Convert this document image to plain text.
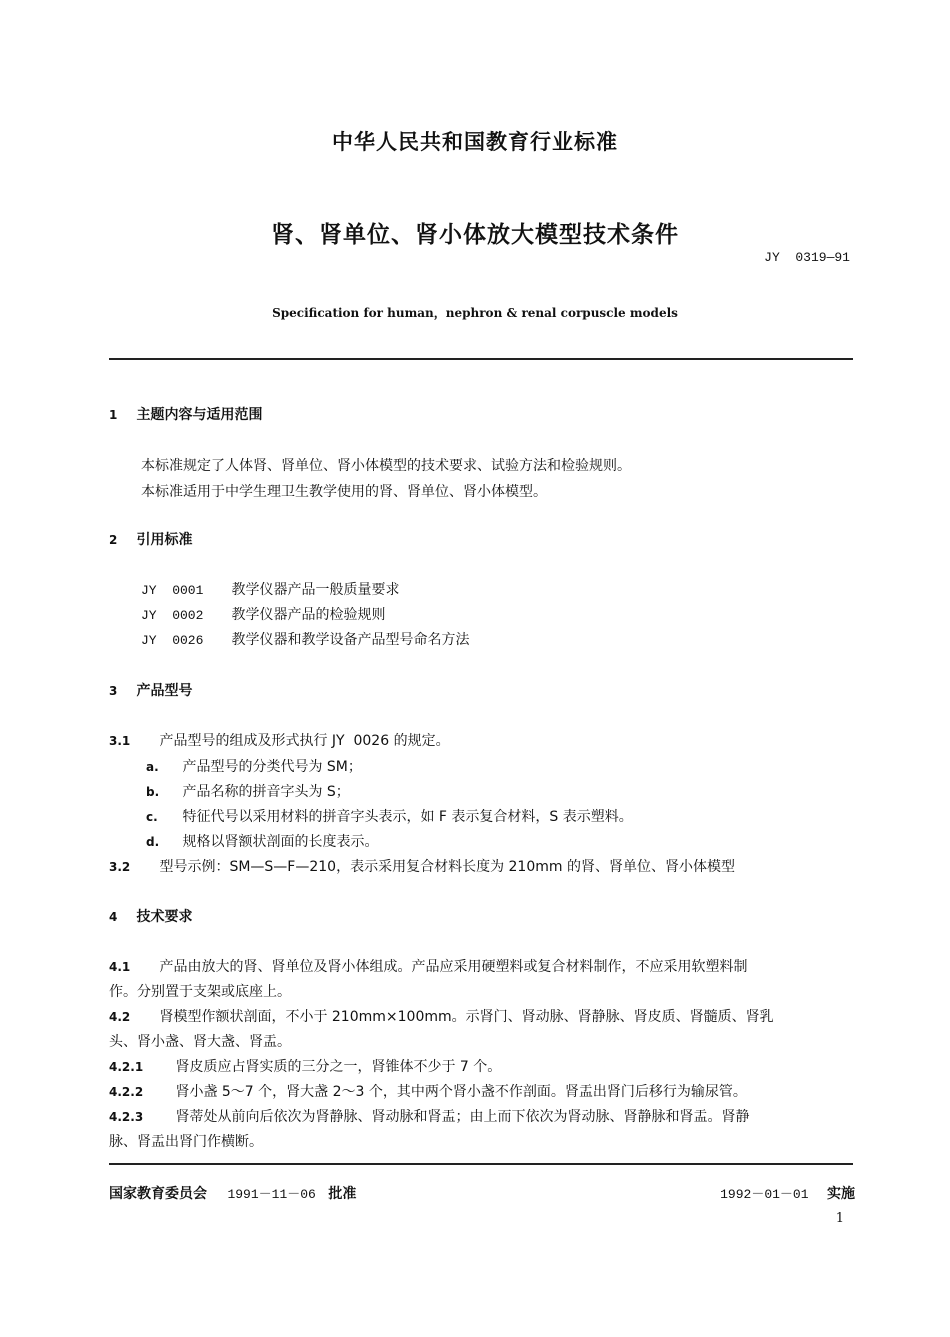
中华人民共和国教育行业标准
肾、肾单位、肾小体放大模型技术条件
JY  0319—91
Specification for human，nephron & renal corpuscle models
1 主题内容与适用范围
本标准规定了人体肾、肾单位、肾小体模型的技术要求、试验方法和检验规则。
本标准适用于中学生理卫生教学使用的肾、肾单位、肾小体模型。
2 引用标准
JY  0001 教学仪器产品一般质量要求
JY  0002 教学仪器产品的检验规则
JY  0026 教学仪器和教学设备产品型号命名方法
3 产品型号
3.1 产品型号的组成及形式执行 JY  0026 的规定。
a. 产品型号的分类代号为 SM；
b. 产品名称的拼音字头为 S；
c. 特征代号以采用材料的拼音字头表示，如 F 表示复合材料，S 表示塑料。
d. 规格以肾额状剖面的长度表示。
3.2 型号示例：SM—S—F—210，表示采用复合材料长度为 210mm 的肾、肾单位、肾小体模型
4 技术要求
4.1 产品由放大的肾、肾单位及肾小体组成。产品应采用硬塑料或复合材料制作，不应采用软塑料制
作。分别置于支架或底座上。
4.2 肾模型作额状剖面，不小于 210mm×100mm。示肾门、肾动脉、肾静脉、肾皮质、肾髓质、肾乳
头、肾小盏、肾大盏、肾盂。
4.2.1 肾皮质应占肾实质的三分之一，肾锥体不少于 7 个。
4.2.2 肾小盏 5～7 个，肾大盏 2～3 个，其中两个肾小盏不作剖面。肾盂出肾门后移行为输尿管。
4.2.3 肾蒂处从前向后依次为肾静脉、肾动脉和肾盂；由上而下依次为肾动脉、肾静脉和肾盂。肾静
脉、肾盂出肾门作横断。
国家教育委员会 1991－11－06 批准	1992－01－01 实施
1
